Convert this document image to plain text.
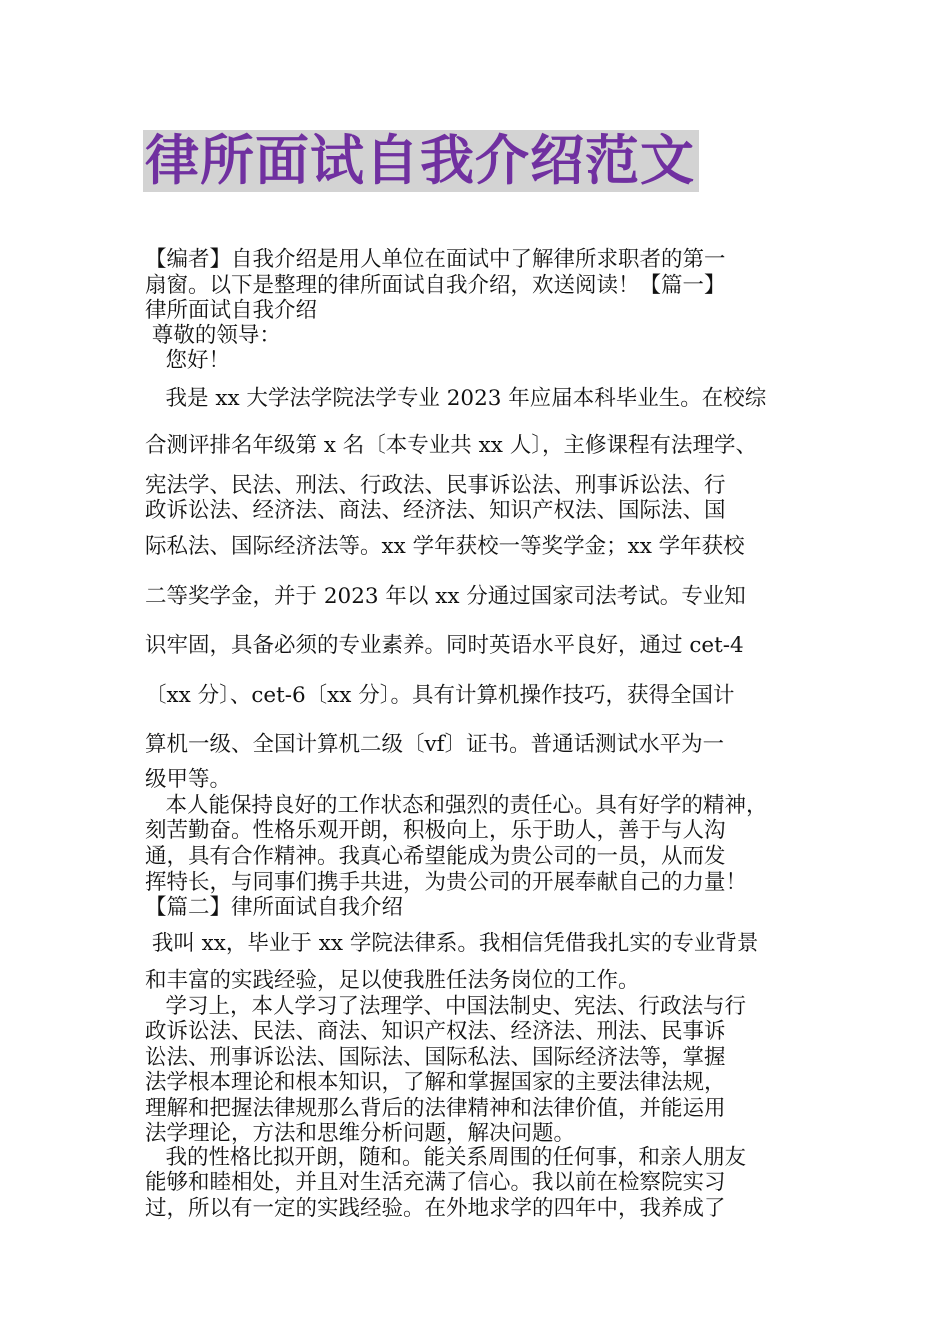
律所面试自我介绍范文
【编者】自我介绍是用人单位在面试中了解律所求职者的第一
扇窗。以下是整理的律所面试自我介绍，欢送阅读！【篇一】
律所面试自我介绍
尊敬的领导：
您好！
我是 xx 大学法学院法学专业 2023 年应届本科毕业生。在校综
合测评排名年级第 x 名〔本专业共 xx 人〕，主修课程有法理学、
宪法学、民法、刑法、行政法、民事诉讼法、刑事诉讼法、行
政诉讼法、经济法、商法、经济法、知识产权法、国际法、国
际私法、国际经济法等。xx 学年获校一等奖学金；xx 学年获校
二等奖学金，并于 2023 年以 xx 分通过国家司法考试。专业知
识牢固，具备必须的专业素养。同时英语水平良好，通过 cet-4
〔xx 分〕、cet-6〔xx 分〕。具有计算机操作技巧，获得全国计
算机一级、全国计算机二级〔vf〕证书。普通话测试水平为一
级甲等。
本人能保持良好的工作状态和强烈的责任心。具有好学的精神，
刻苦勤奋。性格乐观开朗，积极向上，乐于助人，善于与人沟
通，具有合作精神。我真心希望能成为贵公司的一员，从而发
挥特长，与同事们携手共进，为贵公司的开展奉献自己的力量！
【篇二】律所面试自我介绍
我叫 xx，毕业于 xx 学院法律系。我相信凭借我扎实的专业背景
和丰富的实践经验，足以使我胜任法务岗位的工作。
学习上，本人学习了法理学、中国法制史、宪法、行政法与行
政诉讼法、民法、商法、知识产权法、经济法、刑法、民事诉
讼法、刑事诉讼法、国际法、国际私法、国际经济法等，掌握
法学根本理论和根本知识，了解和掌握国家的主要法律法规，
理解和把握法律规那么背后的法律精神和法律价值，并能运用
法学理论，方法和思维分析问题，解决问题。
我的性格比拟开朗，随和。能关系周围的任何事，和亲人朋友
能够和睦相处，并且对生活充满了信心。我以前在检察院实习
过，所以有一定的实践经验。在外地求学的四年中，我养成了
